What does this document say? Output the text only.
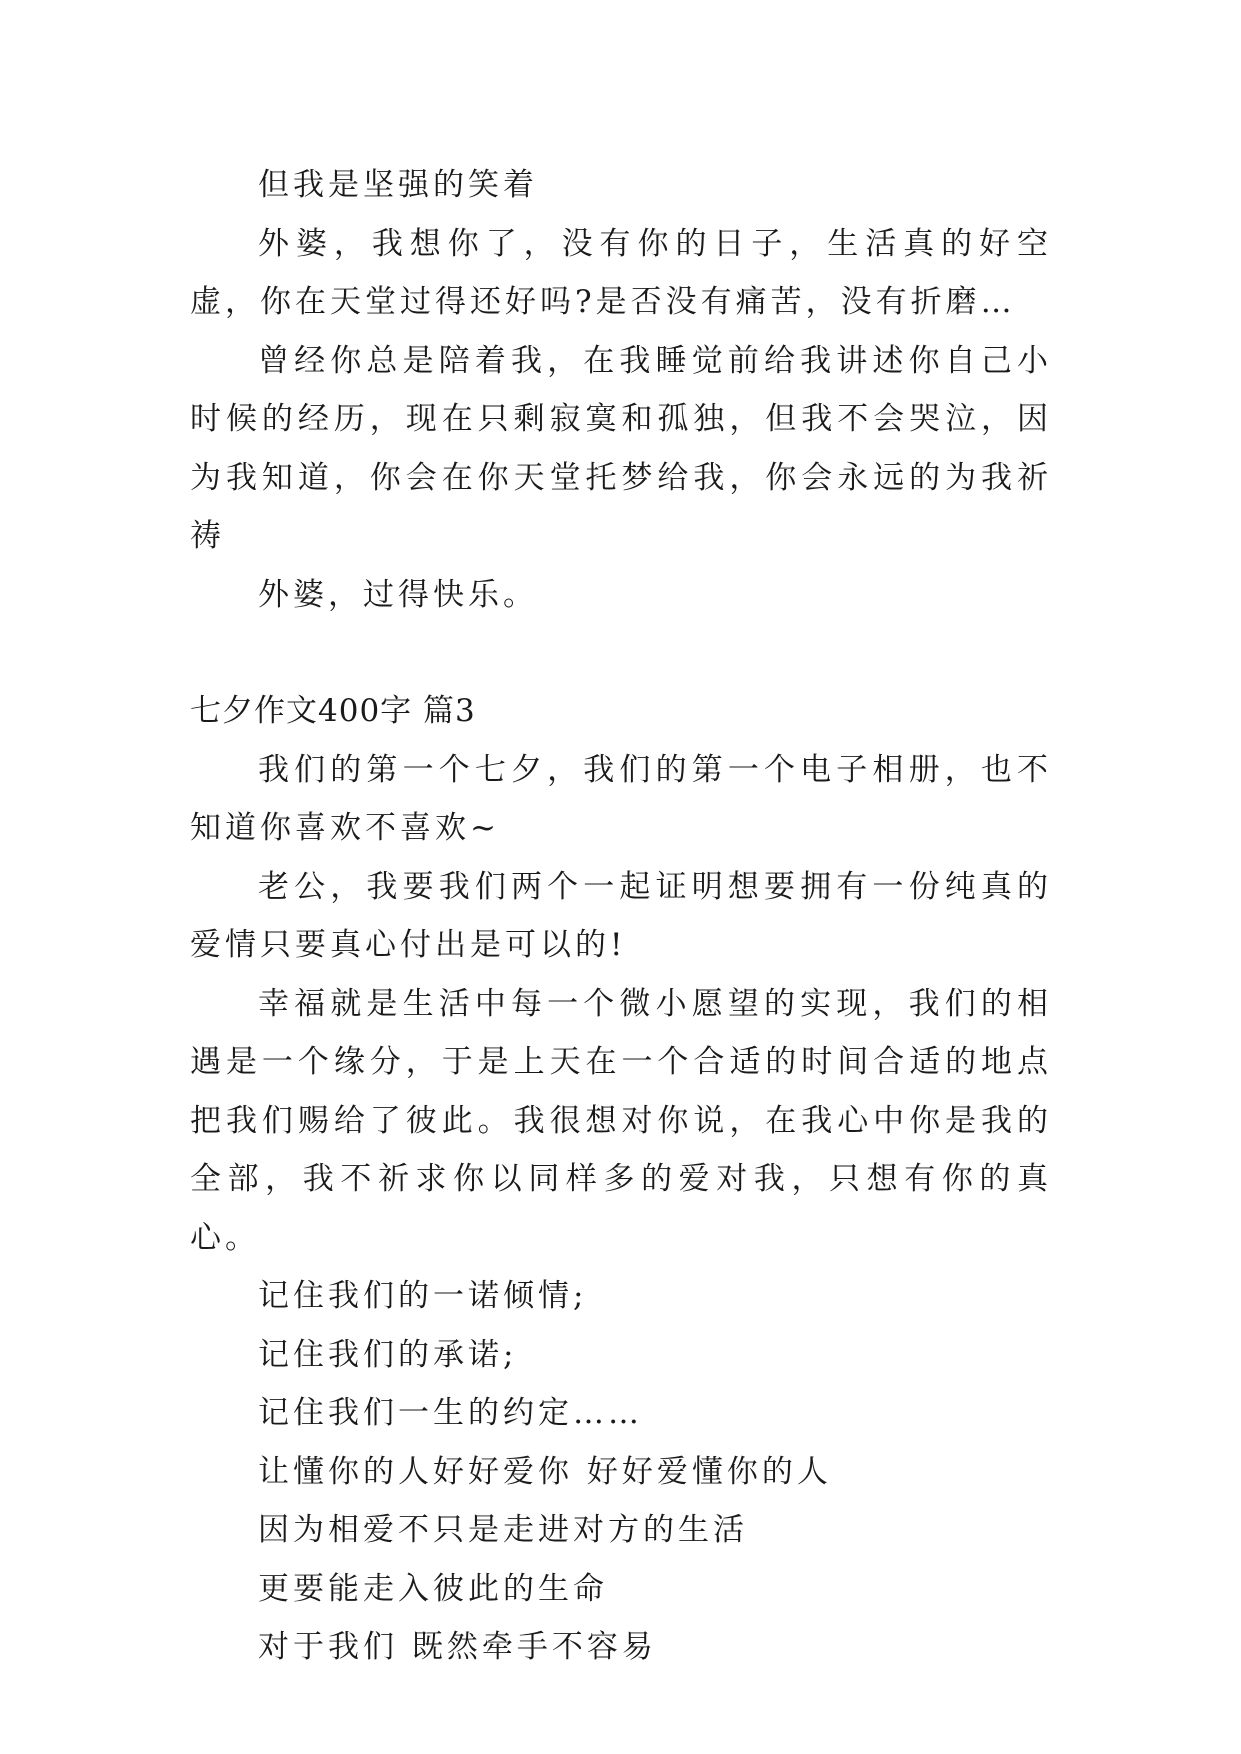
但我是坚强的笑着

外婆，我想你了，没有你的日子，生活真的好空虚，你在天堂过得还好吗?是否没有痛苦，没有折磨…

曾经你总是陪着我，在我睡觉前给我讲述你自己小时候的经历，现在只剩寂寞和孤独，但我不会哭泣，因为我知道，你会在你天堂托梦给我，你会永远的为我祈祷

外婆，过得快乐。

七夕作文400字 篇3

我们的第一个七夕，我们的第一个电子相册，也不知道你喜欢不喜欢~

老公，我要我们两个一起证明想要拥有一份纯真的爱情只要真心付出是可以的!

幸福就是生活中每一个微小愿望的实现，我们的相遇是一个缘分，于是上天在一个合适的时间合适的地点把我们赐给了彼此。我很想对你说，在我心中你是我的全部，我不祈求你以同样多的爱对我，只想有你的真心。

记住我们的一诺倾情;

记住我们的承诺;

记住我们一生的约定……

让懂你的人好好爱你 好好爱懂你的人

因为相爱不只是走进对方的生活

更要能走入彼此的生命

对于我们 既然牵手不容易
